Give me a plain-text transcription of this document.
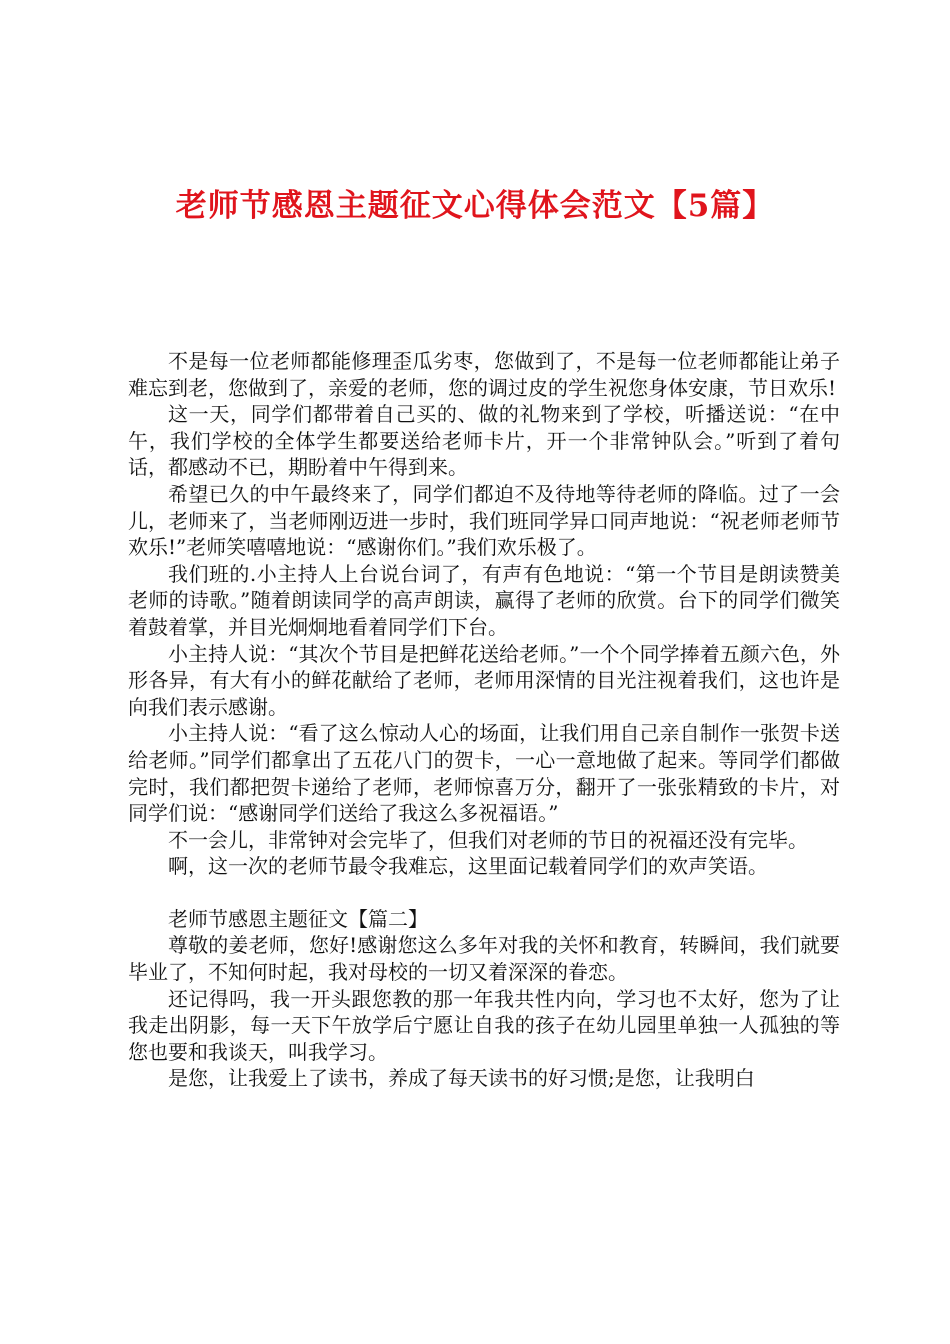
老师节感恩主题征文心得体会范文【5篇】

不是每一位老师都能修理歪瓜劣枣，您做到了，不是每一位老师都能让弟子难忘到老，您做到了，亲爱的老师，您的调过皮的学生祝您身体安康，节日欢乐!

这一天，同学们都带着自己买的、做的礼物来到了学校，听播送说：“在中午，我们学校的全体学生都要送给老师卡片，开一个非常钟队会。”听到了着句话，都感动不已，期盼着中午得到来。

希望已久的中午最终来了，同学们都迫不及待地等待老师的降临。过了一会儿，老师来了，当老师刚迈进一步时，我们班同学异口同声地说：“祝老师老师节欢乐!”老师笑嘻嘻地说：“感谢你们。”我们欢乐极了。

我们班的.小主持人上台说台词了，有声有色地说：“第一个节目是朗读赞美老师的诗歌。”随着朗读同学的高声朗读，赢得了老师的欣赏。台下的同学们微笑着鼓着掌，并目光炯炯地看着同学们下台。

小主持人说：“其次个节目是把鲜花送给老师。”一个个同学捧着五颜六色，外形各异，有大有小的鲜花献给了老师，老师用深情的目光注视着我们，这也许是向我们表示感谢。

小主持人说：“看了这么惊动人心的场面，让我们用自己亲自制作一张贺卡送给老师。”同学们都拿出了五花八门的贺卡，一心一意地做了起来。等同学们都做完时，我们都把贺卡递给了老师，老师惊喜万分，翻开了一张张精致的卡片，对同学们说：“感谢同学们送给了我这么多祝福语。”

不一会儿，非常钟对会完毕了，但我们对老师的节日的祝福还没有完毕。

啊，这一次的老师节最令我难忘，这里面记载着同学们的欢声笑语。

老师节感恩主题征文【篇二】

尊敬的姜老师，您好!感谢您这么多年对我的关怀和教育，转瞬间，我们就要毕业了，不知何时起，我对母校的一切又着深深的眷恋。

还记得吗，我一开头跟您教的那一年我共性内向，学习也不太好，您为了让我走出阴影，每一天下午放学后宁愿让自我的孩子在幼儿园里单独一人孤独的等您也要和我谈天，叫我学习。

是您，让我爱上了读书，养成了每天读书的好习惯;是您，让我明白
